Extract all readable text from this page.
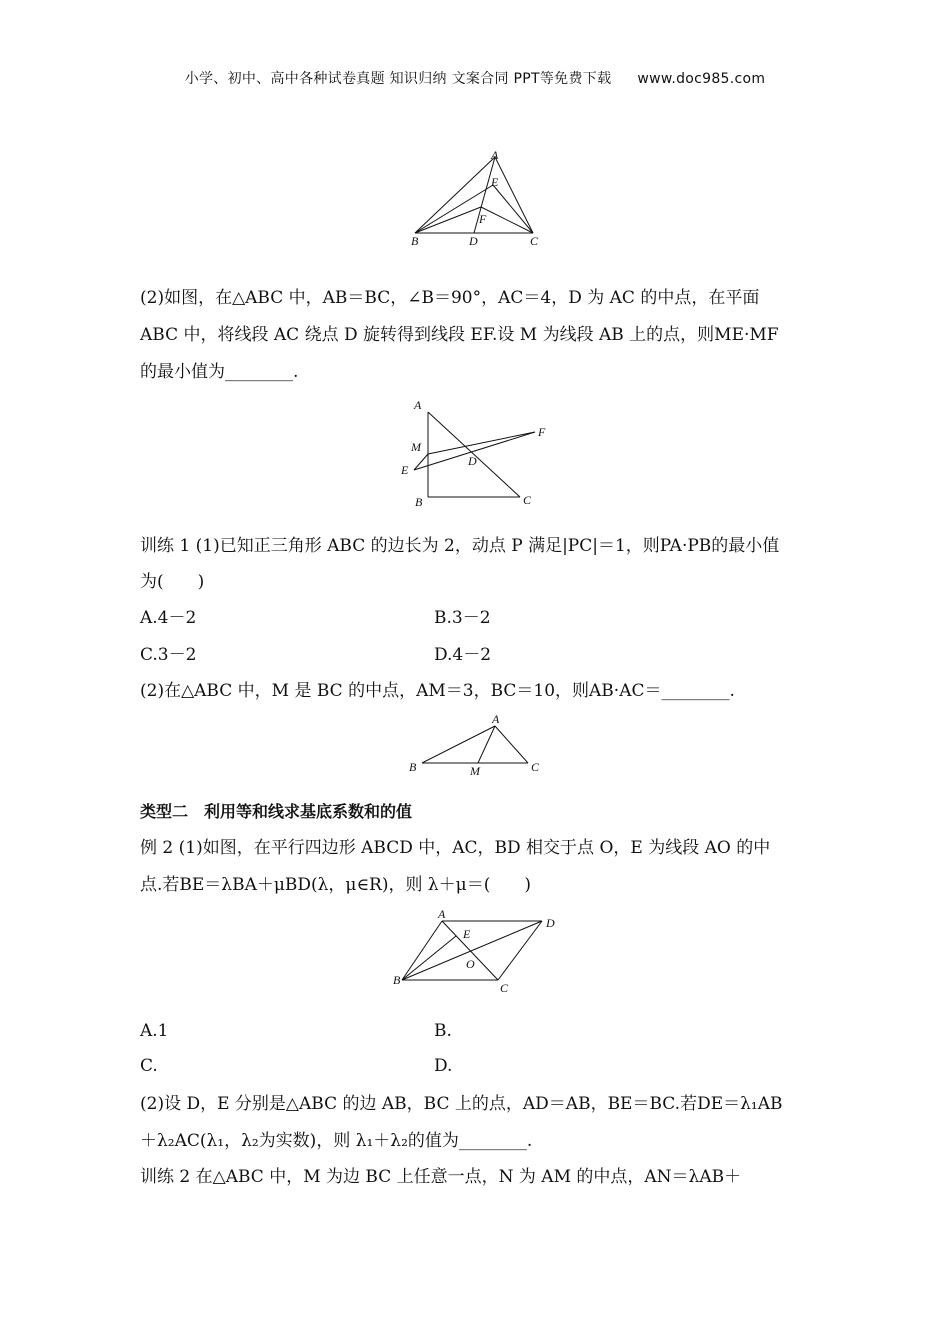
小学、初中、高中各种试卷真题 知识归纳 文案合同 PPT等免费下载 www.doc985.com
A
E
F
B	D	C
(2)如图，在△ABC 中，AB＝BC，∠B＝90°，AC＝4，D 为 AC 的中点，在平面
ABC 中，将线段 AC 绕点 D 旋转得到线段 EF.设 M 为线段 AB 上的点，则ME·MF
的最小值为________.
A
M
E
D
F
B	C
训练 1 (1)已知正三角形 ABC 的边长为 2，动点 P 满足|PC|＝1，则PA·PB的最小值
为(　　)
A.4－2	B.3－2
C.3－2	D.4－2
(2)在△ABC 中，M 是 BC 的中点，AM＝3，BC＝10，则AB·AC＝________.
A
B	M	C
类型二　利用等和线求基底系数和的值
例 2 (1)如图，在平行四边形 ABCD 中，AC，BD 相交于点 O，E 为线段 AO 的中
点.若BE＝λBA＋μBD(λ，μ∈R)，则 λ＋μ＝(　　)
A
D
E
O
B
C
A.1	B.
C.	D.
(2)设 D，E 分别是△ABC 的边 AB，BC 上的点，AD＝AB，BE＝BC.若DE＝λ₁AB
＋λ₂AC(λ₁，λ₂为实数)，则 λ₁＋λ₂的值为________.
训练 2 在△ABC 中，M 为边 BC 上任意一点，N 为 AM 的中点，AN＝λAB＋
